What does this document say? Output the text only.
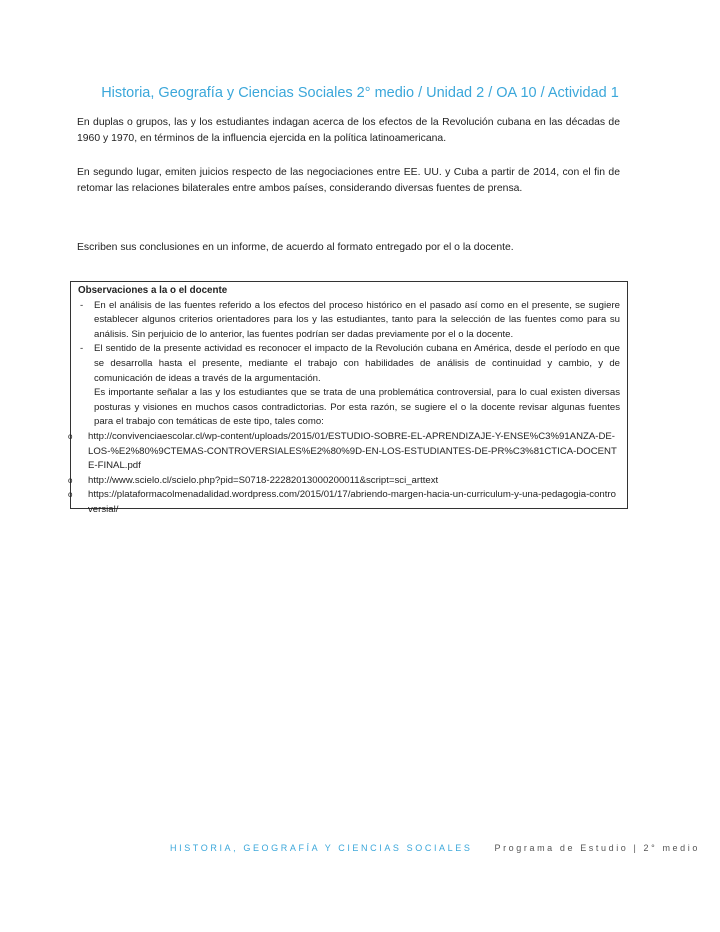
Historia, Geografía y Ciencias Sociales 2° medio / Unidad 2 / OA 10 / Actividad 1
En duplas o grupos, las y los estudiantes indagan acerca de los efectos de la Revolución cubana en las décadas de 1960 y 1970, en términos de la influencia ejercida en la política latinoamericana.
En segundo lugar, emiten juicios respecto de las negociaciones entre EE. UU. y Cuba a partir de 2014, con el fin de retomar las relaciones bilaterales entre ambos países, considerando diversas fuentes de prensa.
Escriben sus conclusiones en un informe, de acuerdo al formato entregado por el o la docente.
Observaciones a la o el docente
- En el análisis de las fuentes referido a los efectos del proceso histórico en el pasado así como en el presente, se sugiere establecer algunos criterios orientadores para los y las estudiantes, tanto para la selección de las fuentes como para su análisis. Sin perjuicio de lo anterior, las fuentes podrían ser dadas previamente por el o la docente.
- El sentido de la presente actividad es reconocer el impacto de la Revolución cubana en América, desde el período en que se desarrolla hasta el presente, mediante el trabajo con habilidades de análisis de continuidad y cambio, y de comunicación de ideas a través de la argumentación.
Es importante señalar a las y los estudiantes que se trata de una problemática controversial, para lo cual existen diversas posturas y visiones en muchos casos contradictorias. Por esta razón, se sugiere el o la docente revisar algunas fuentes para el trabajo con temáticas de este tipo, tales como:
o http://convivenciaescolar.cl/wp-content/uploads/2015/01/ESTUDIO-SOBRE-EL-APRENDIZAJE-Y-ENSE%C3%91ANZA-DE-LOS-%E2%80%9CTEMAS-CONTROVERSIALES%E2%80%9D-EN-LOS-ESTUDIANTES-DE-PR%C3%81CTICA-DOCENTE-FINAL.pdf
o http://www.scielo.cl/scielo.php?pid=S0718-22282013000200011&script=sci_arttext
o https://plataformacolmenadalidad.wordpress.com/2015/01/17/abriendo-margen-hacia-un-curriculum-y-una-pedagogia-controversial/
HISTORIA, GEOGRAFÍA Y CIENCIAS SOCIALES Programa de Estudio | 2° medio
